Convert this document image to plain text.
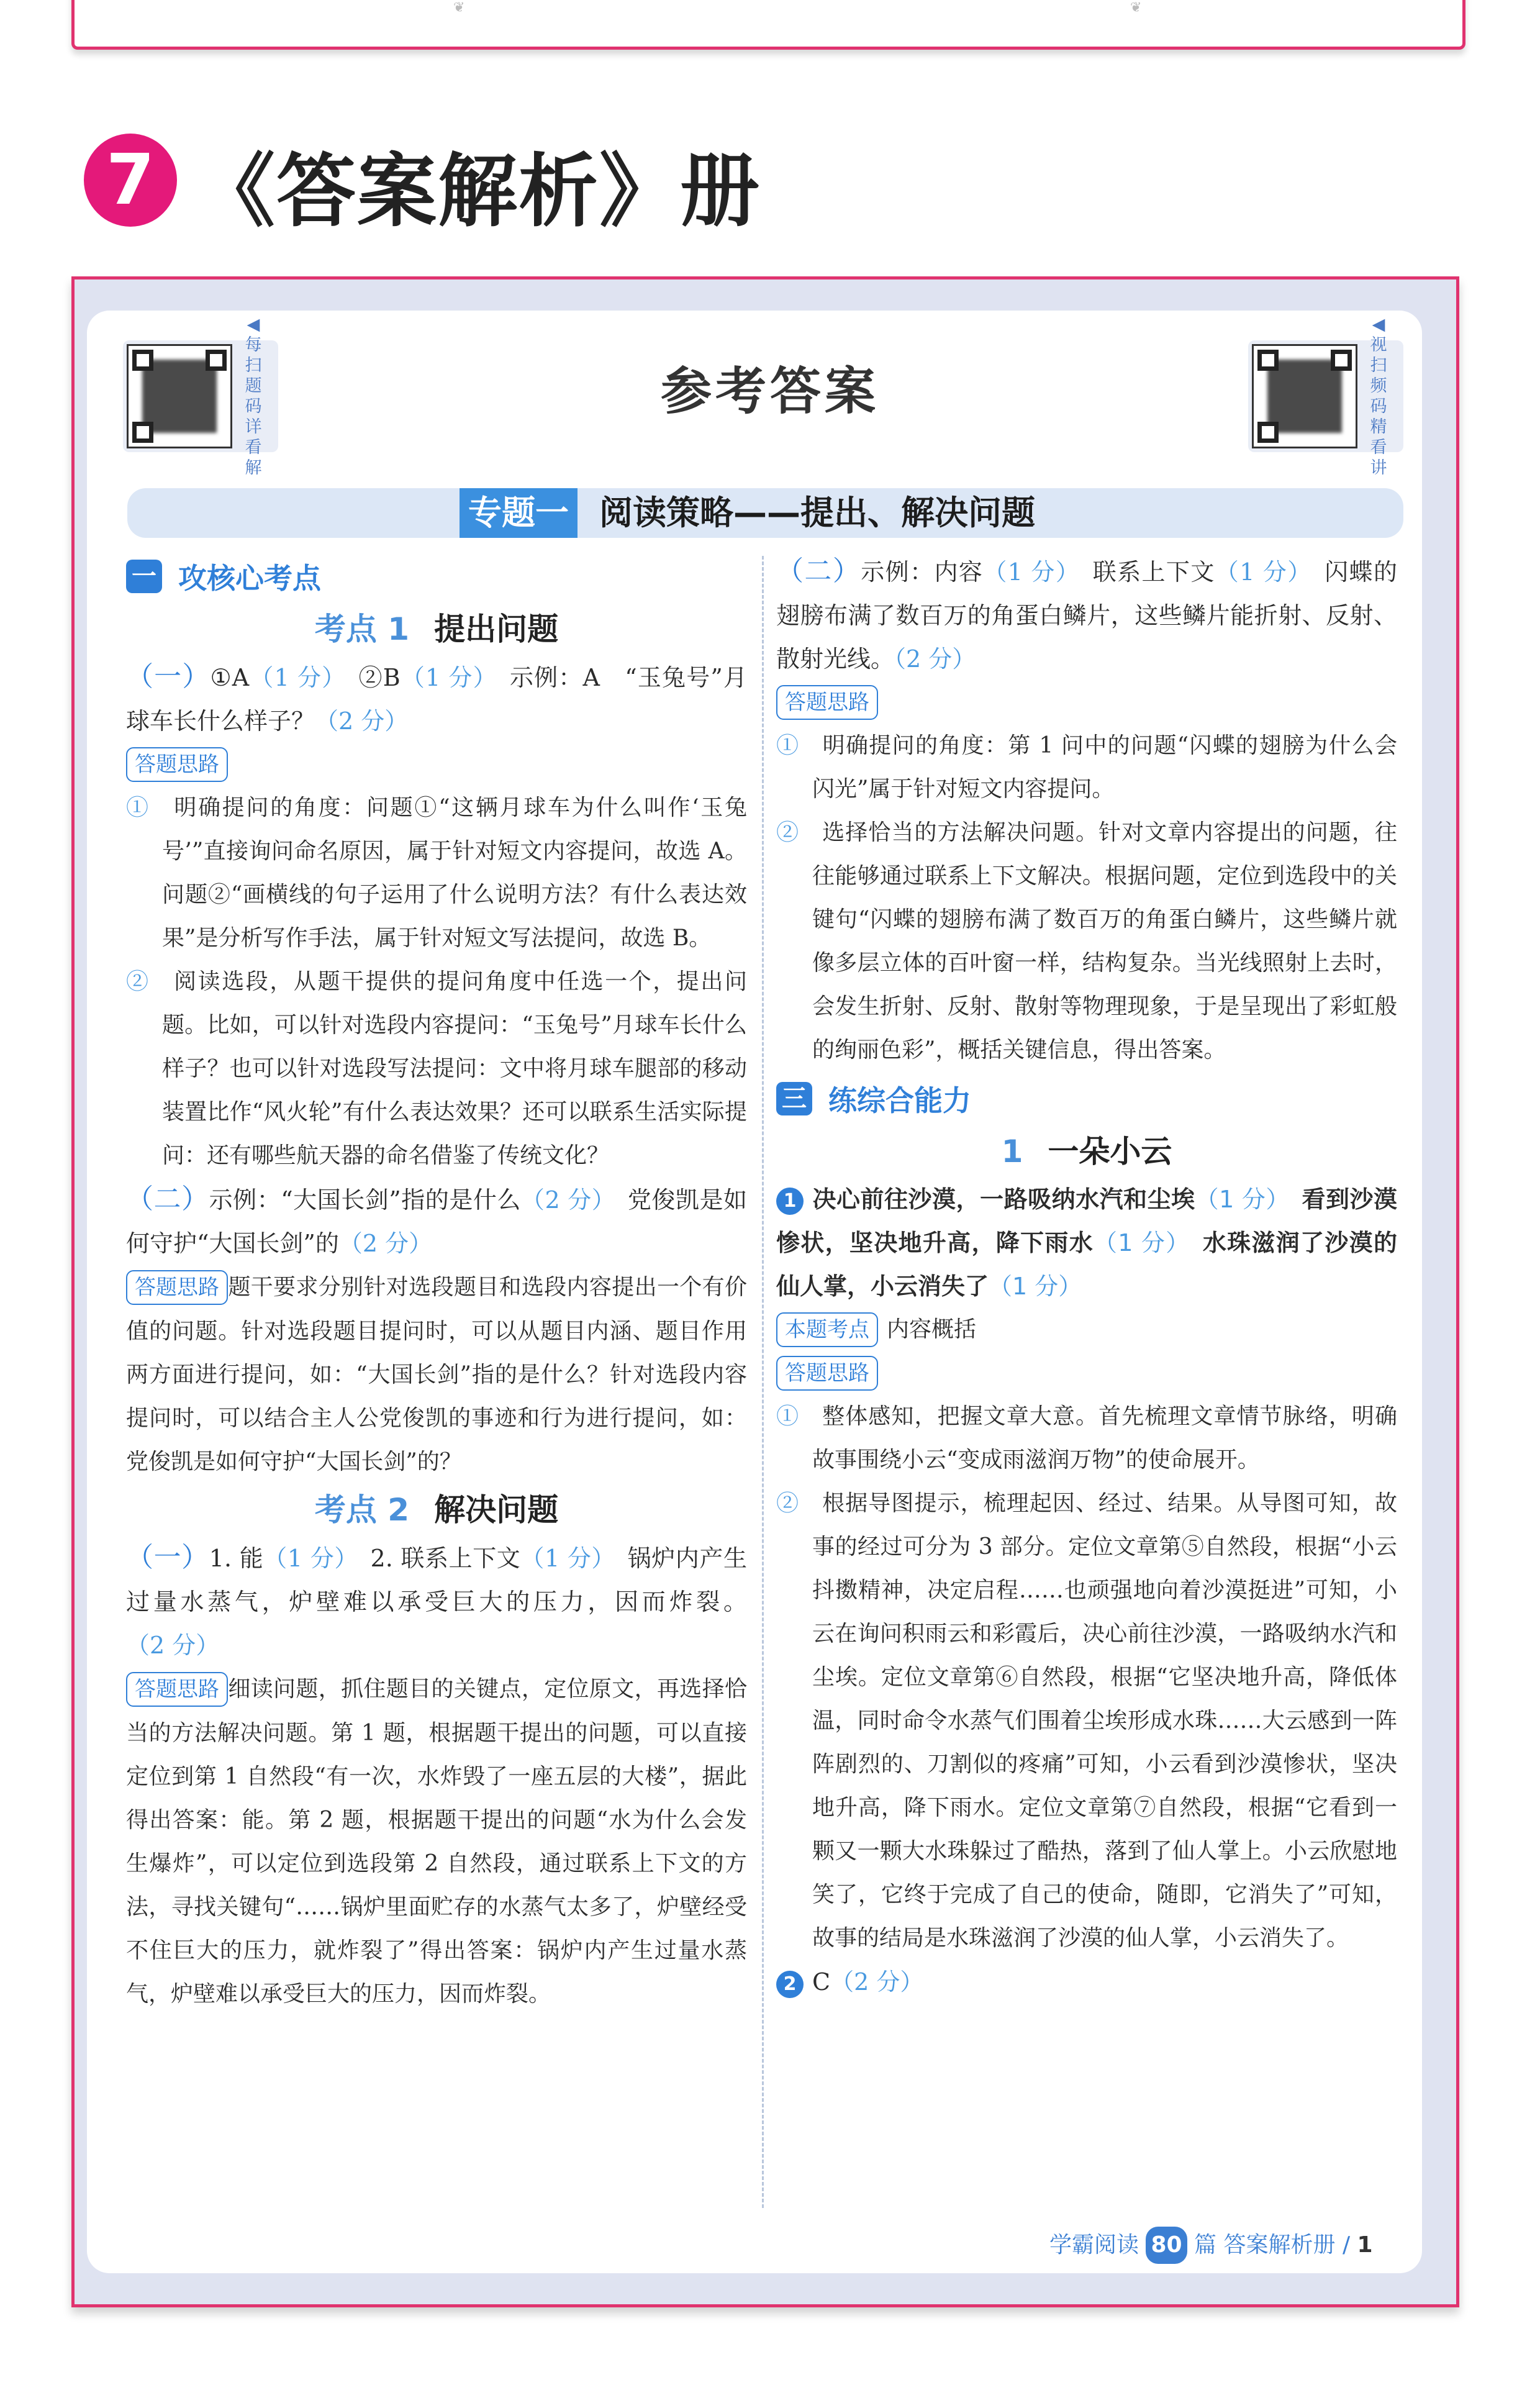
❦	❦
7 《答案解析》册
◀每扫题码详看解
◀视扫频码精看讲
参考答案
专题一 阅读策略——提出、解决问题
一 攻核心考点
考点 1 提出问题

（一）①A（1 分）　 ②B（1 分）　 示例：A　“玉兔号”月球车长什么样子？（2 分）

答题思路

①　 明确提问的角度：问题①“这辆月球车为什么叫作‘玉兔号’”直接询问命名原因，属于针对短文内容提问，故选 A。问题②“画横线的句子运用了什么说明方法？有什么表达效果”是分析写作手法，属于针对短文写法提问，故选 B。

②　 阅读选段，从题干提供的提问角度中任选一个，提出问题。比如，可以针对选段内容提问：“玉兔号”月球车长什么样子？也可以针对选段写法提问：文中将月球车腿部的移动装置比作“风火轮”有什么表达效果？还可以联系生活实际提问：还有哪些航天器的命名借鉴了传统文化？

（二）示例：“大国长剑”指的是什么（2 分）　 党俊凯是如何守护“大国长剑”的（2 分）

答题思路 题干要求分别针对选段题目和选段内容提出一个有价值的问题。针对选段题目提问时，可以从题目内涵、题目作用两方面进行提问，如：“大国长剑”指的是什么？针对选段内容提问时，可以结合主人公党俊凯的事迹和行为进行提问，如：党俊凯是如何守护“大国长剑”的？

考点 2 解决问题

（一）1. 能（1 分）　 2. 联系上下文（1 分）　 锅炉内产生过量水蒸气，炉壁难以承受巨大的压力，因而炸裂。（2 分）

答题思路 细读问题，抓住题目的关键点，定位原文，再选择恰当的方法解决问题。第 1 题，根据题干提出的问题，可以直接定位到第 1 自然段“有一次，水炸毁了一座五层的大楼”，据此得出答案：能。第 2 题，根据题干提出的问题“水为什么会发生爆炸”，可以定位到选段第 2 自然段，通过联系上下文的方法，寻找关键句“……锅炉里面贮存的水蒸气太多了，炉壁经受不住巨大的压力，就炸裂了”得出答案：锅炉内产生过量水蒸气，炉壁难以承受巨大的压力，因而炸裂。

（二）示例：内容（1 分）　 联系上下文（1 分）　 闪蝶的翅膀布满了数百万的角蛋白鳞片，这些鳞片能折射、反射、散射光线。（2 分）

答题思路

①　 明确提问的角度：第 1 问中的问题“闪蝶的翅膀为什么会闪光”属于针对短文内容提问。

②　 选择恰当的方法解决问题。针对文章内容提出的问题，往往能够通过联系上下文解决。根据问题，定位到选段中的关键句“闪蝶的翅膀布满了数百万的角蛋白鳞片，这些鳞片就像多层立体的百叶窗一样，结构复杂。当光线照射上去时，会发生折射、反射、散射等物理现象，于是呈现出了彩虹般的绚丽色彩”，概括关键信息，得出答案。

三 练综合能力
1 一朵小云

1 决心前往沙漠，一路吸纳水汽和尘埃（1 分）　 看到沙漠惨状，坚决地升高，降下雨水（1 分）　 水珠滋润了沙漠的仙人掌，小云消失了（1 分）

本题考点 内容概括
答题思路

①　 整体感知，把握文章大意。首先梳理文章情节脉络，明确故事围绕小云“变成雨滋润万物”的使命展开。

②　 根据导图提示，梳理起因、经过、结果。从导图可知，故事的经过可分为 3 部分。定位文章第⑤自然段，根据“小云抖擞精神，决定启程……也顽强地向着沙漠挺进”可知，小云在询问积雨云和彩霞后，决心前往沙漠，一路吸纳水汽和尘埃。定位文章第⑥自然段，根据“它坚决地升高，降低体温，同时命令水蒸气们围着尘埃形成水珠……大云感到一阵阵剧烈的、刀割似的疼痛”可知，小云看到沙漠惨状，坚决地升高，降下雨水。定位文章第⑦自然段，根据“它看到一颗又一颗大水珠躲过了酷热，落到了仙人掌上。小云欣慰地笑了，它终于完成了自己的使命，随即，它消失了”可知，故事的结局是水珠滋润了沙漠的仙人掌，小云消失了。

2 C（2 分）

学霸阅读 80 篇 答案解析册 / 1
